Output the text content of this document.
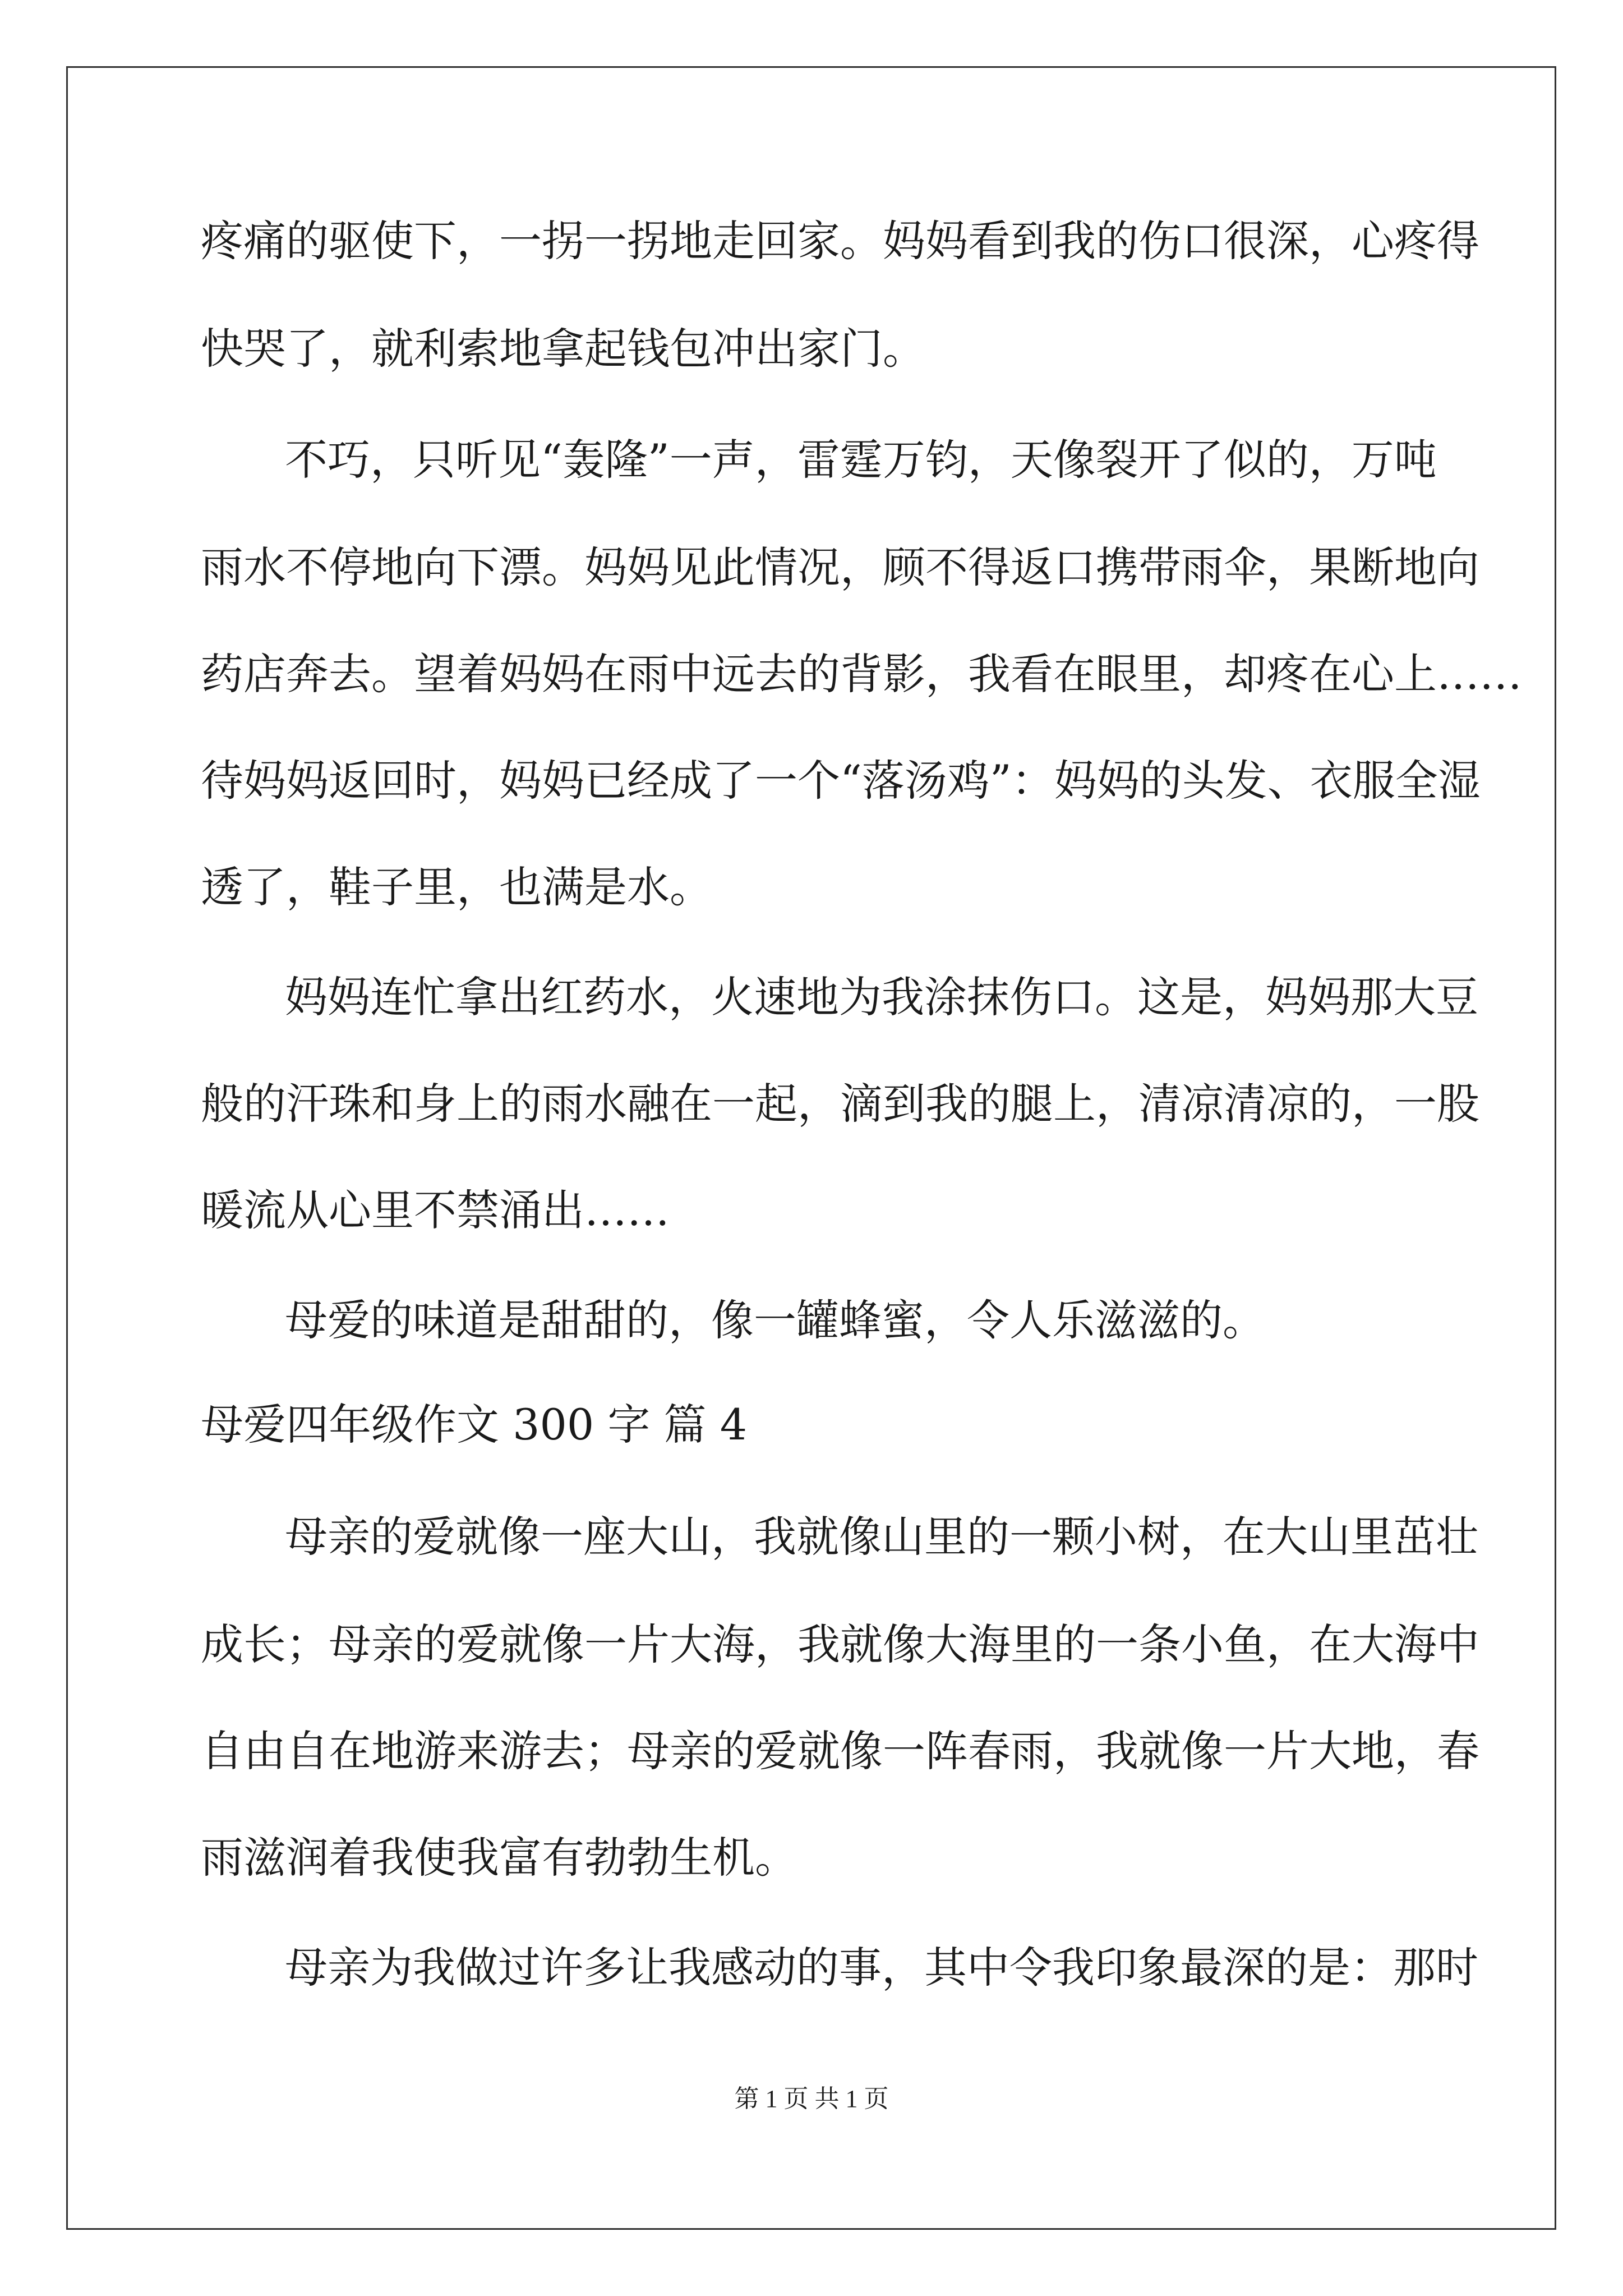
疼痛的驱使下，一拐一拐地走回家。妈妈看到我的伤口很深，心疼得
快哭了，就利索地拿起钱包冲出家门。
不巧，只听见“轰隆”一声，雷霆万钧，天像裂开了似的，万吨
雨水不停地向下漂。妈妈见此情况，顾不得返口携带雨伞，果断地向
药店奔去。望着妈妈在雨中远去的背影，我看在眼里，却疼在心上……
待妈妈返回时，妈妈已经成了一个“落汤鸡”：妈妈的头发、衣服全湿
透了，鞋子里，也满是水。
妈妈连忙拿出红药水，火速地为我涂抹伤口。这是，妈妈那大豆
般的汗珠和身上的雨水融在一起，滴到我的腿上，清凉清凉的，一股
暖流从心里不禁涌出……
母爱的味道是甜甜的，像一罐蜂蜜，令人乐滋滋的。
母爱四年级作文 300 字 篇 4
母亲的爱就像一座大山，我就像山里的一颗小树，在大山里茁壮
成长；母亲的爱就像一片大海，我就像大海里的一条小鱼，在大海中
自由自在地游来游去；母亲的爱就像一阵春雨，我就像一片大地，春
雨滋润着我使我富有勃勃生机。
母亲为我做过许多让我感动的事，其中令我印象最深的是：那时
第 1 页 共 1 页
